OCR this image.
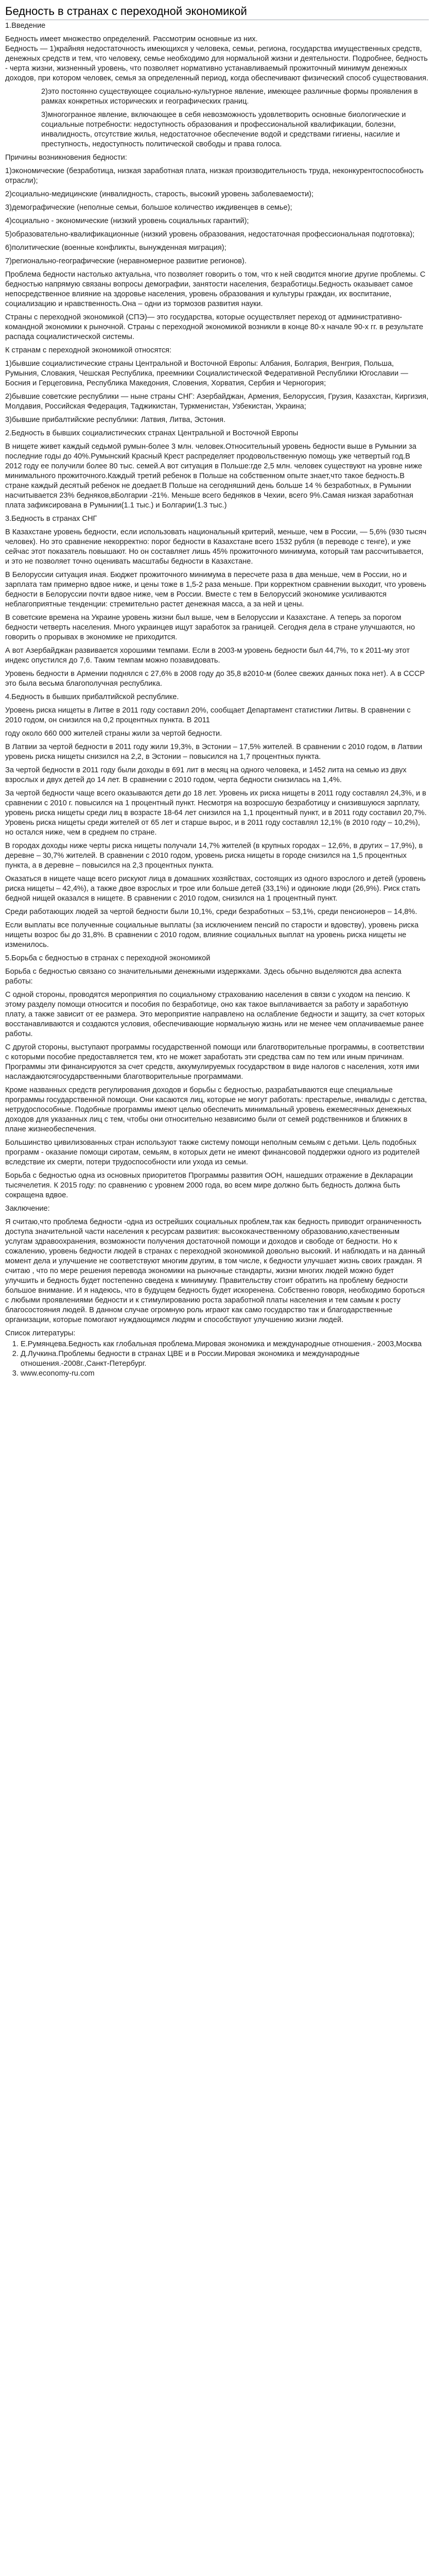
Бедность в странах с переходной экономикой

1.Введение

Бедность имеет множество определений. Рассмотрим основные из них.

Бедность — 1)крайняя недостаточность имеющихся у человека, семьи, региона, государства имущественных средств, денежных средств и тем, что человеку, семье необходимо для нормальной жизни и деятельности. Подробнее, бедность - черта жизни, жизненный уровень, что позволяет нормативно устанавливаемый прожиточный минимум денежных доходов, при котором человек, семья за определенный период, когда обеспечивают физический способ существования.

2)это постоянно существующее социально-культурное явление, имеющее различные формы проявления в рамках конкретных исторических и географических границ.

3)многогранное явление, включающее в себя невозможность удовлетворить основные биологические и социальные потребности: недоступность образования и профессиональной квалификации, болезни, инвалидность, отсутствие жилья, недостаточное обеспечение водой и средствами гигиены, насилие и преступность, недоступность политической свободы и права голоса.

Причины возникновения бедности:

1)экономические (безработица, низкая заработная плата, низкая производительность труда, неконкурентоспособность отрасли);

2)социально-медицинские (инвалидность, старость, высокий уровень заболеваемости);

3)демографические (неполные семьи, большое количество иждивенцев в семье);

4)социально - экономические (низкий уровень социальных гарантий);

5)образовательно-квалификационные (низкий уровень образования, недостаточная профессиональная подготовка);

6)политические (военные конфликты, вынужденная миграция);

7)регионально-географические (неравномерное развитие регионов).

Проблема бедности настолько актуальна, что позволяет говорить о том, что к ней сводится многие другие проблемы. С бедностью напрямую связаны вопросы демографии, занятости населения, безработицы.Бедность оказывает самое непосредственное влияние на здоровье населения, уровень образования и культуры граждан, их воспитание, социализацию и нравственность.Она – одни из тормозов развития науки.

Страны с переходной экономикой (СПЭ)— это государства, которые осуществляет переход от административно-командной экономики к рыночной. Страны с переходной экономикой возникли в конце 80-х начале 90-х гг. в результате распада социалистической системы.

К странам с переходной экономикой относятся:

1)бывшие социалистические страны Центральной и Восточной Европы: Албания, Болгария, Венгрия, Польша, Румыния, Словакия, Чешская Республика, преемники Социалистической Федеративной Республики Югославии — Босния и Герцеговина, Республика Македония, Словения, Хорватия, Сербия и Черногория;

2)бывшие советские республики — ныне страны СНГ: Азербайджан, Армения, Белоруссия, Грузия, Казахстан, Киргизия, Молдавия, Российская Федерация, Таджикистан, Туркменистан, Узбекистан, Украина;

3)бывшие прибалтийские республики: Латвия, Литва, Эстония.

2.Бедность в бывших социалистических странах Центральной и Восточной Европы

В нищете живет каждый седьмой румын-более 3 млн. человек.Относительный уровень бедности выше в Румынии за последние годы до 40%.Румынский Красный Крест распределяет продовольственную помощь уже четвертый год.В 2012 году ее получили более 80 тыс. семей.А вот ситуация в Польше:где 2,5 млн. человек существуют на уровне ниже минимального прожиточного.Каждый третий ребенок в Польше на собственном опыте знает,что такое бедность.В стране каждый десятый ребенок не доедает.В Польше на сегодняшний день больше 14 % безработных, в Румынии насчитывается 23% бедняков,вБолгарии -21%. Меньше всего бедняков в Чехии, всего 9%.Самая низкая заработная плата зафиксирована в Румынии(1.1 тыс.) и Болгарии(1.3 тыс.)

3.Бедность в странах СНГ

В Казахстане уровень бедности, если использовать национальный критерий, меньше, чем в России, — 5,6% (930 тысяч человек). Но это сравнение некорректно: порог бедности в Казахстане всего 1532 рубля (в переводе с тенге), и уже сейчас этот показатель повышают. Но он составляет лишь 45% прожиточного минимума, который там рассчитывается, и это не позволяет точно оценивать масштабы бедности в Казахстане.

В Белоруссии ситуация иная. Бюджет прожиточного минимума в пересчете раза в два меньше, чем в России, но и зарплата там примерно вдвое ниже, и цены тоже в 1,5-2 раза меньше. При корректном сравнении выходит, что уровень бедности в Белоруссии почти вдвое ниже, чем в России. Вместе с тем в Белоруссий экономике усиливаются неблагоприятные тенденции: стремительно растет денежная масса, а за ней и цены.

В советские времена на Украине уровень жизни был выше, чем в Белоруссии и Казахстане. А теперь за порогом бедности четверть населения. Много украинцев ищут заработок за границей. Сегодня дела в стране улучшаются, но говорить о прорывах в экономике не приходится.

А вот Азербайджан развивается хорошими темпами. Если в 2003-м уровень бедности был 44,7%, то к 2011-му этот индекс опустился до 7,6. Таким темпам можно позавидовать.

Уровень бедности в Армении поднялся с 27,6% в 2008 году до 35,8 в2010-м (более свежих данных пока нет). А в СССР это была весьма благополучная республика.

4.Бедность в бывших прибалтийской республике.

Уровень риска нищеты в Литве в 2011 году составил 20%, сообщает Департамент статистики Литвы. В сравнении с 2010 годом, он снизился на 0,2 процентных пункта. В 2011

году около 660 000 жителей страны жили за чертой бедности.

В Латвии за чертой бедности в 2011 году жили 19,3%, в Эстонии – 17,5% жителей. В сравнении с 2010 годом, в Латвии уровень риска нищеты снизился на 2,2, в Эстонии – повысился на 1,7 процентных пункта.

За чертой бедности в 2011 году были доходы в 691 лит в месяц на одного человека, и 1452 лита на семью из двух взрослых и двух детей до 14 лет. В сравнении с 2010 годом, черта бедности снизилась на 1,4%.

За чертой бедности чаще всего оказываются дети до 18 лет. Уровень их риска нищеты в 2011 году составлял 24,3%, и в сравнении с 2010 г. повысился на 1 процентный пункт. Несмотря на возросшую безработицу и снизившуюся зарплату, уровень риска нищеты среди лиц в возрасте 18-64 лет снизился на 1,1 процентный пункт, и в 2011 году составил 20,7%. Уровень риска нищеты среди жителей от 65 лет и старше вырос, и в 2011 году составлял 12,1% (в 2010 году – 10,2%), но остался ниже, чем в среднем по стране.

В городах доходы ниже черты риска нищеты получали 14,7% жителей (в крупных городах – 12,6%, в других – 17,9%), в деревне – 30,7% жителей. В сравнении с 2010 годом, уровень риска нищеты в городе снизился на 1,5 процентных пункта, а в деревне – повысился на 2,3 процентных пункта.

Оказаться в нищете чаще всего рискуют лица в домашних хозяйствах, состоящих из одного взрослого и детей (уровень риска нищеты – 42,4%), а также двое взрослых и трое или больше детей (33,1%) и одинокие люди (26,9%). Риск стать бедной нищей оказался в нищете. В сравнении с 2010 годом, снизился на 1 процентный пункт.

Среди работающих людей за чертой бедности были 10,1%, среди безработных – 53,1%, среди пенсионеров – 14,8%.

Если выплаты все полученные социальные выплаты (за исключением пенсий по старости и вдовству), уровень риска нищеты возрос бы до 31,8%. В сравнении с 2010 годом, влияние социальных выплат на уровень риска нищеты не изменилось.

5.Борьба с бедностью в странах с переходной экономикой

Борьба с бедностью связано со значительными денежными издержками. Здесь обычно выделяются два аспекта работы:

С одной стороны, проводятся мероприятия по социальному страхованию населения в связи с уходом на пенсию. К этому разделу помощи относится и пособия по безработице, оно как такое выплачивается за работу и заработную плату, а также зависит от ее размера. Это мероприятие направлено на ослабление бедности и защиту, за счет которых восстанавливаются и создаются условия, обеспечивающие нормальную жизнь или не менее чем оплачиваемые ранее работы.

С другой стороны, выступают программы государственной помощи или благотворительные программы, в соответствии с которыми пособие предоставляется тем, кто не может заработать эти средства сам по тем или иным причинам. Программы эти финансируются за счет средств, аккумулируемых государством в виде налогов с населения, хотя ими наслаждаютсягосударственными благотворительные программами.

Кроме названных средств регулирования доходов и борьбы с бедностью, разрабатываются еще специальные программы государственной помощи. Они касаются лиц, которые не могут работать: престарелые, инвалиды с детства, нетрудоспособные. Подобные программы имеют целью обеспечить минимальный уровень ежемесячных денежных доходов для указанных лиц с тем, чтобы они относительно независимо были от семей родственников и ближних в плане жизнеобеспечения.

Большинство цивилизованных стран используют также систему помощи неполным семьям с детьми. Цель подобных программ - оказание помощи сиротам, семьям, в которых дети не имеют финансовой поддержки одного из родителей вследствие их смерти, потери трудоспособности или ухода из семьи.

Борьба с бедностью одна из основных приоритетов Программы развития ООН, нашедших отражение в Декларации тысячелетия. К 2015 году: по сравнению с уровнем 2000 года, во всем мире должно быть бедность должна быть сокращена вдвое.

Заключение:

Я считаю,что проблема бедности -одна из острейших социальных проблем,так как бедность приводит ограниченность доступа значительной части населения к ресурсам развития: высококачественному образованию,качественным услугам здравоохранения, возможности получения достаточной помощи и доходов и свободе от бедности. Но к сожалению, уровень бедности людей в странах с переходной экономикой довольно высокий. И наблюдать и на данный момент дела и улучшение не соответствуют многим другим, в том числе, к бедности улучшает жизнь своих граждан. Я считаю , что по мере решения перевода экономики на рыночные стандарты, жизни многих людей можно будет улучшить и бедность будет постепенно сведена к минимуму. Правительству стоит обратить на проблему бедности большое внимание. И я надеюсь, что в будущем бедность будет искоренена. Собственно говоря, необходимо бороться с любыми проявлениями бедности и к стимулированию роста заработной платы населения и тем самым к росту благосостояния людей. В данном случае огромную роль играют как само государство так и благодарственные организации, которые помогают нуждающимся людям и способствуют улучшению жизни людей.

Список литературы:

1. Е.Румянцева.Бедность как глобальная проблема.Мировая экономика и международные отношения.- 2003,Москва
2. Д.Лучкина.Проблемы бедности в странах ЦВЕ и в России.Мировая экономика и международные отношения.-2008г.,Санкт-Петербург.
3. www.economy-ru.com
